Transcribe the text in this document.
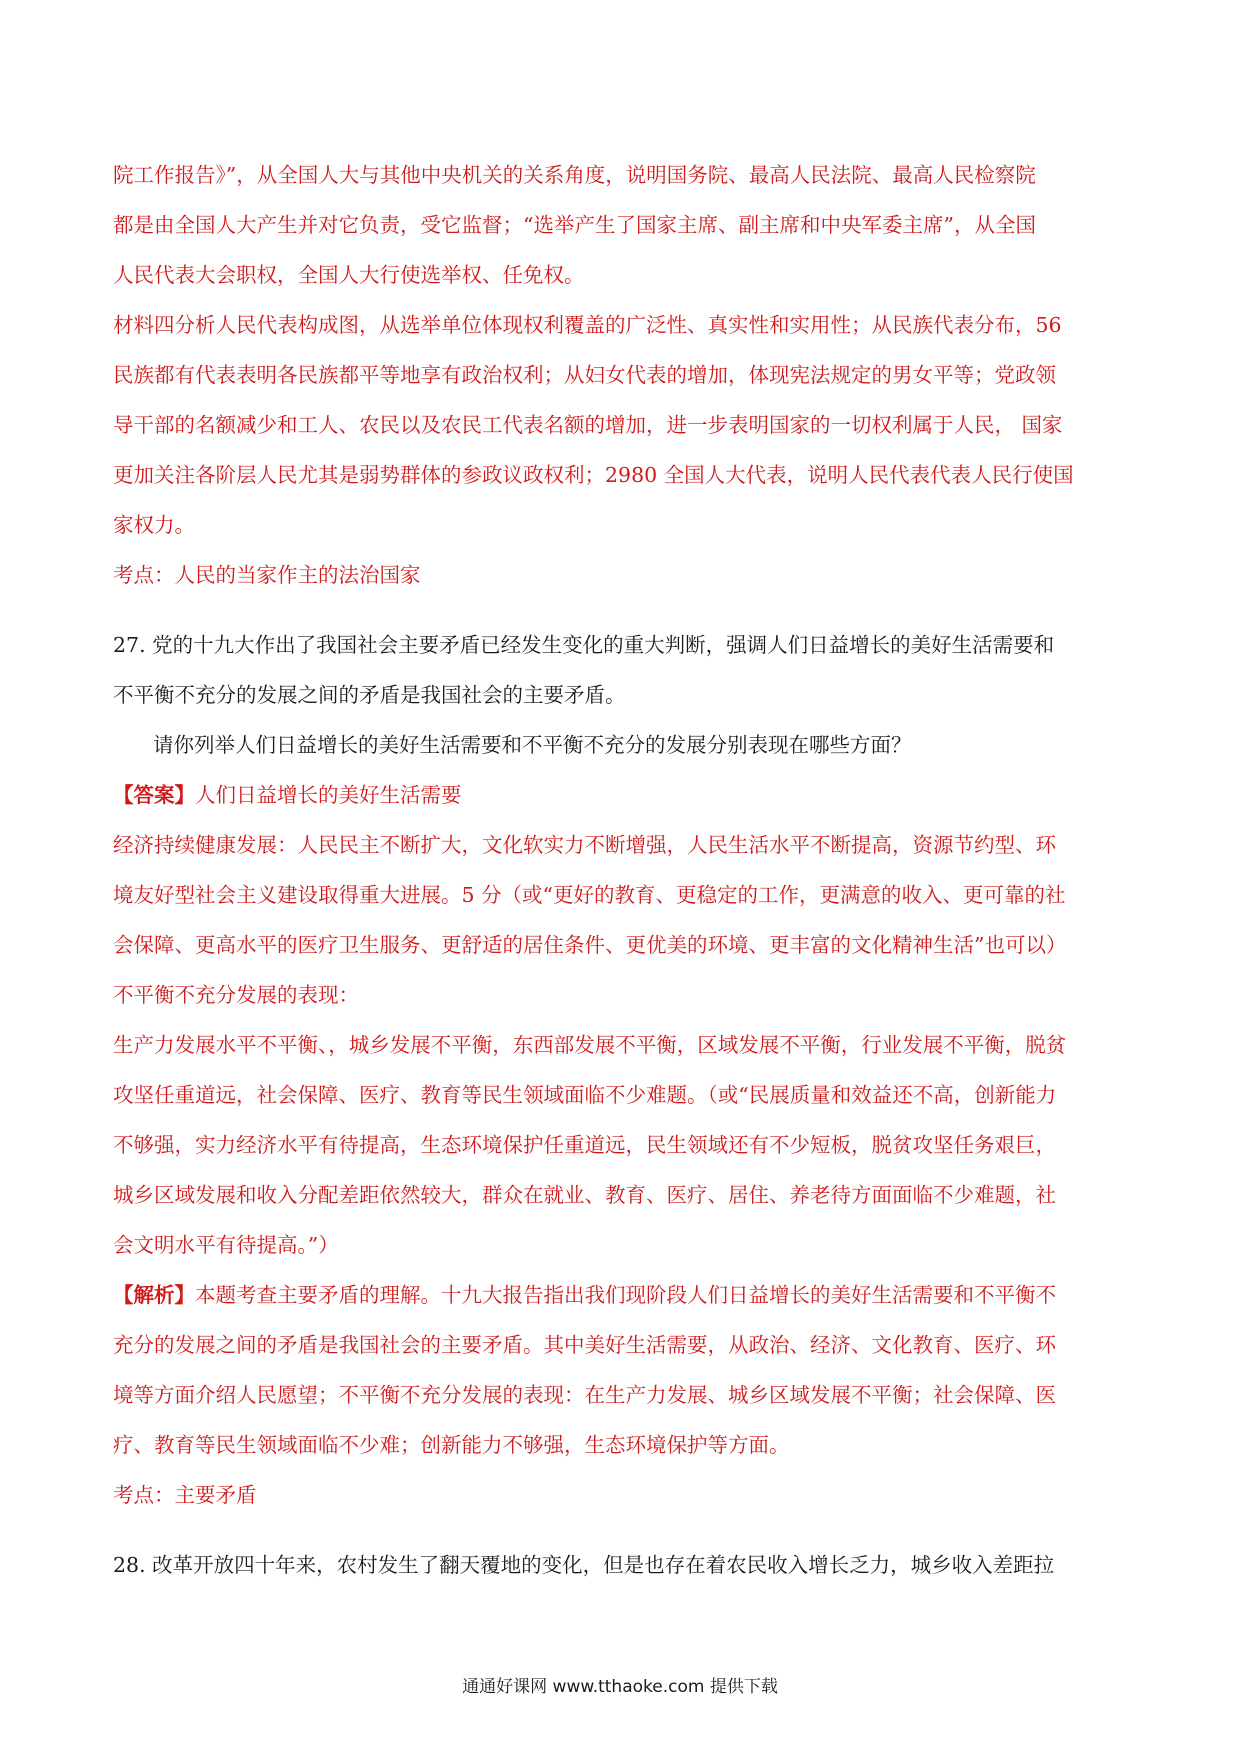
院工作报告》”，从全国人大与其他中央机关的关系角度，说明国务院、最高人民法院、最高人民检察院
都是由全国人大产生并对它负责，受它监督；“选举产生了国家主席、副主席和中央军委主席”，从全国
人民代表大会职权，全国人大行使选举权、任免权。
材料四分析人民代表构成图，从选举单位体现权利覆盖的广泛性、真实性和实用性；从民族代表分布，56
民族都有代表表明各民族都平等地享有政治权利；从妇女代表的增加，体现宪法规定的男女平等；党政领
导干部的名额减少和工人、农民以及农民工代表名额的增加，进一步表明国家的一切权利属于人民， 国家
更加关注各阶层人民尤其是弱势群体的参政议政权利；2980 全国人大代表，说明人民代表代表人民行使国
家权力。
考点：人民的当家作主的法治国家
27. 党的十九大作出了我国社会主要矛盾已经发生变化的重大判断，强调人们日益增长的美好生活需要和
不平衡不充分的发展之间的矛盾是我国社会的主要矛盾。
请你列举人们日益增长的美好生活需要和不平衡不充分的发展分别表现在哪些方面？
【答案】人们日益增长的美好生活需要
经济持续健康发展：人民民主不断扩大，文化软实力不断增强，人民生活水平不断提高，资源节约型、环
境友好型社会主义建设取得重大进展。5 分（或“更好的教育、更稳定的工作，更满意的收入、更可靠的社
会保障、更高水平的医疗卫生服务、更舒适的居住条件、更优美的环境、更丰富的文化精神生活”也可以）
不平衡不充分发展的表现：
生产力发展水平不平衡、，城乡发展不平衡，东西部发展不平衡，区域发展不平衡，行业发展不平衡，脱贫
攻坚任重道远，社会保障、医疗、教育等民生领域面临不少难题。（或“民展质量和效益还不高，创新能力
不够强，实力经济水平有待提高，生态环境保护任重道远，民生领域还有不少短板，脱贫攻坚任务艰巨，
城乡区域发展和收入分配差距依然较大，群众在就业、教育、医疗、居住、养老待方面面临不少难题，社
会文明水平有待提高。”）
【解析】本题考查主要矛盾的理解。十九大报告指出我们现阶段人们日益增长的美好生活需要和不平衡不
充分的发展之间的矛盾是我国社会的主要矛盾。其中美好生活需要，从政治、经济、文化教育、医疗、环
境等方面介绍人民愿望；不平衡不充分发展的表现：在生产力发展、城乡区域发展不平衡；社会保障、医
疗、教育等民生领域面临不少难；创新能力不够强，生态环境保护等方面。
考点：主要矛盾
28. 改革开放四十年来，农村发生了翻天覆地的变化，但是也存在着农民收入增长乏力，城乡收入差距拉
通通好课网 www.tthaoke.com 提供下载
